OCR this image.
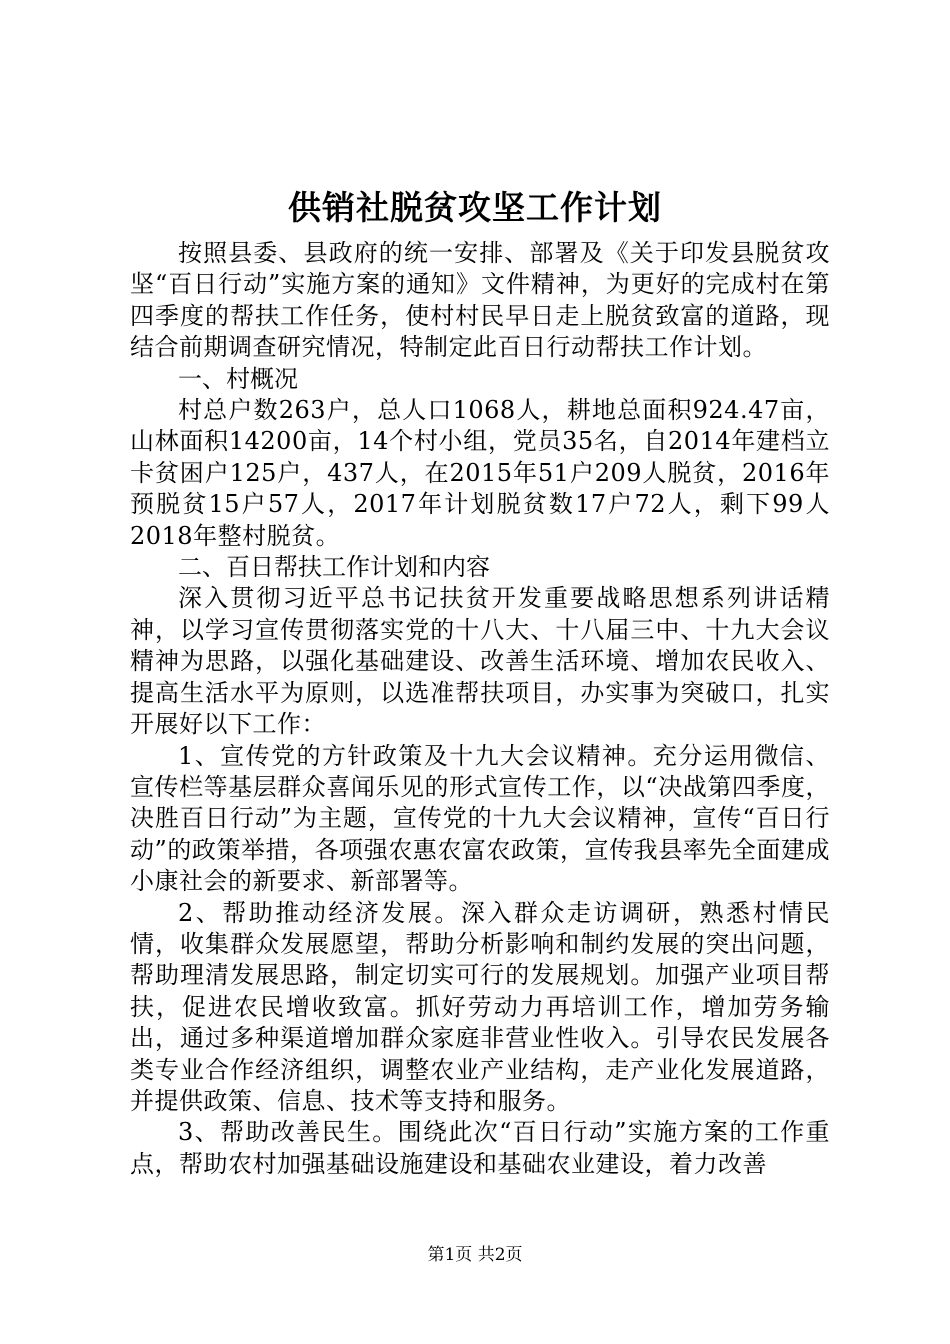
供销社脱贫攻坚工作计划

按照县委、县政府的统一安排、部署及《关于印发县脱贫攻坚“百日行动”实施方案的通知》文件精神，为更好的完成村在第四季度的帮扶工作任务，使村村民早日走上脱贫致富的道路，现结合前期调查研究情况，特制定此百日行动帮扶工作计划。

一、村概况

村总户数263户，总人口1068人，耕地总面积924.47亩，山林面积14200亩，14个村小组，党员35名，自2014年建档立卡贫困户125户，437人，在2015年51户209人脱贫，2016年预脱贫15户57人，2017年计划脱贫数17户72人，剩下99人2018年整村脱贫。

二、百日帮扶工作计划和内容

深入贯彻习近平总书记扶贫开发重要战略思想系列讲话精神，以学习宣传贯彻落实党的十八大、十八届三中、十九大会议精神为思路，以强化基础建设、改善生活环境、增加农民收入、提高生活水平为原则，以选准帮扶项目，办实事为突破口，扎实开展好以下工作：

1、宣传党的方针政策及十九大会议精神。充分运用微信、宣传栏等基层群众喜闻乐见的形式宣传工作，以“决战第四季度，决胜百日行动”为主题，宣传党的十九大会议精神，宣传“百日行动”的政策举措，各项强农惠农富农政策，宣传我县率先全面建成小康社会的新要求、新部署等。

2、帮助推动经济发展。深入群众走访调研，熟悉村情民情，收集群众发展愿望，帮助分析影响和制约发展的突出问题，帮助理清发展思路，制定切实可行的发展规划。加强产业项目帮扶，促进农民增收致富。抓好劳动力再培训工作，增加劳务输出，通过多种渠道增加群众家庭非营业性收入。引导农民发展各类专业合作经济组织，调整农业产业结构，走产业化发展道路，并提供政策、信息、技术等支持和服务。

3、帮助改善民生。围绕此次“百日行动”实施方案的工作重点，帮助农村加强基础设施建设和基础农业建设，着力改善

第1页 共2页
